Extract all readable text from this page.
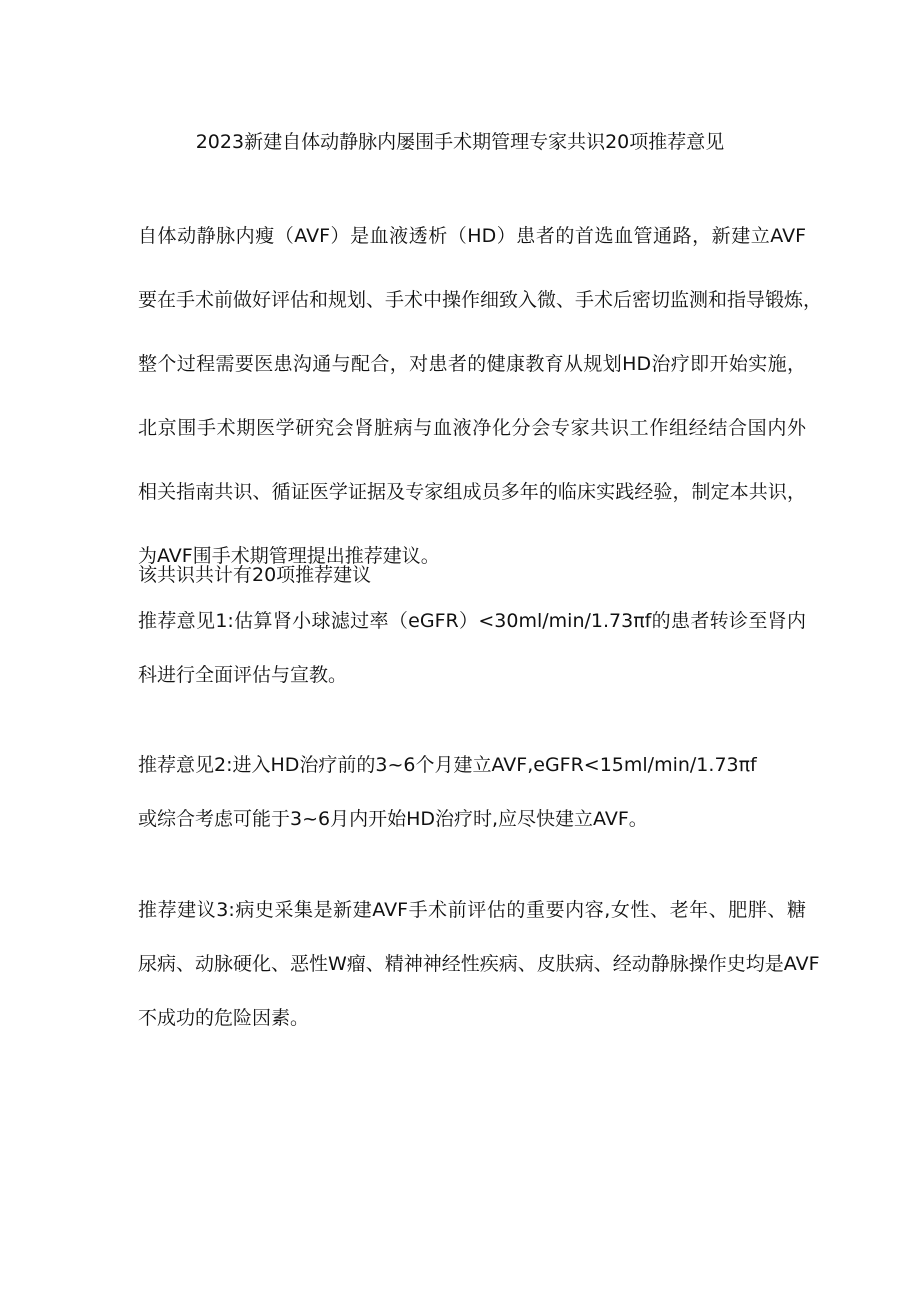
2023新建自体动静脉内屡围手术期管理专家共识20项推荐意见
自体动静脉内瘦（AVF）是血液透析（HD）患者的首选血管通路，新建立AVF
要在手术前做好评估和规划、手术中操作细致入微、手术后密切监测和指导锻炼，
整个过程需要医患沟通与配合，对患者的健康教育从规划HD治疗即开始实施，
北京围手术期医学研究会肾脏病与血液净化分会专家共识工作组经结合国内外
相关指南共识、循证医学证据及专家组成员多年的临床实践经验，制定本共识，
为AVF围手术期管理提出推荐建议。
该共识共计有20项推荐建议
推荐意见1:估算肾小球滤过率（eGFR）<30ml∕min∕1.73πf的患者转诊至肾内
科进行全面评估与宣教。
推荐意见2:进入HD治疗前的3~6个月建立AVF,eGFR<15ml∕min∕1.73πf
或综合考虑可能于3~6月内开始HD治疗时,应尽快建立AVF。
推荐建议3:病史采集是新建AVF手术前评估的重要内容,女性、老年、肥胖、糖
尿病、动脉硬化、恶性W瘤、精神神经性疾病、皮肤病、经动静脉操作史均是AVF
不成功的危险因素。
